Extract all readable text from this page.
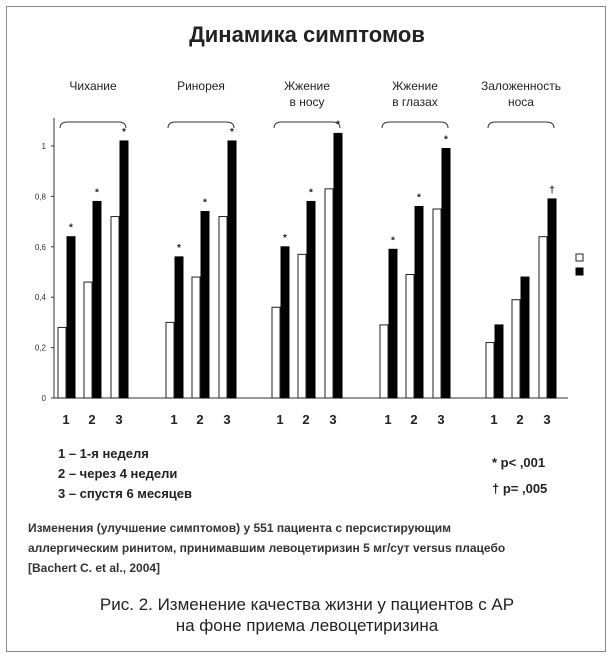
Динамика симптомов
0
0,2
0,4
0,6
0,8
1
*
1
*
2
*
3
Чихание
*
1
*
2
*
3
Ринорея
*
1
*
2
*
3
Жжение
в носу
*
1
*
2
*
3
Жжение
в глазах
1 2
†
3
Заложенность
носа
1 – 1-я неделя
2 – через 4 недели
3 – спустя 6 месяцев
* p< ,001
† p= ,005
Изменения (улучшение симптомов) у 551 пациента с персистирующим
аллергическим ринитом, принимавшим левоцетиризин 5 мг/сут versus плацебо
[Bachert C. et al., 2004]
Рис. 2. Изменение качества жизни у пациентов с АР
на фоне приема левоцетиризина
